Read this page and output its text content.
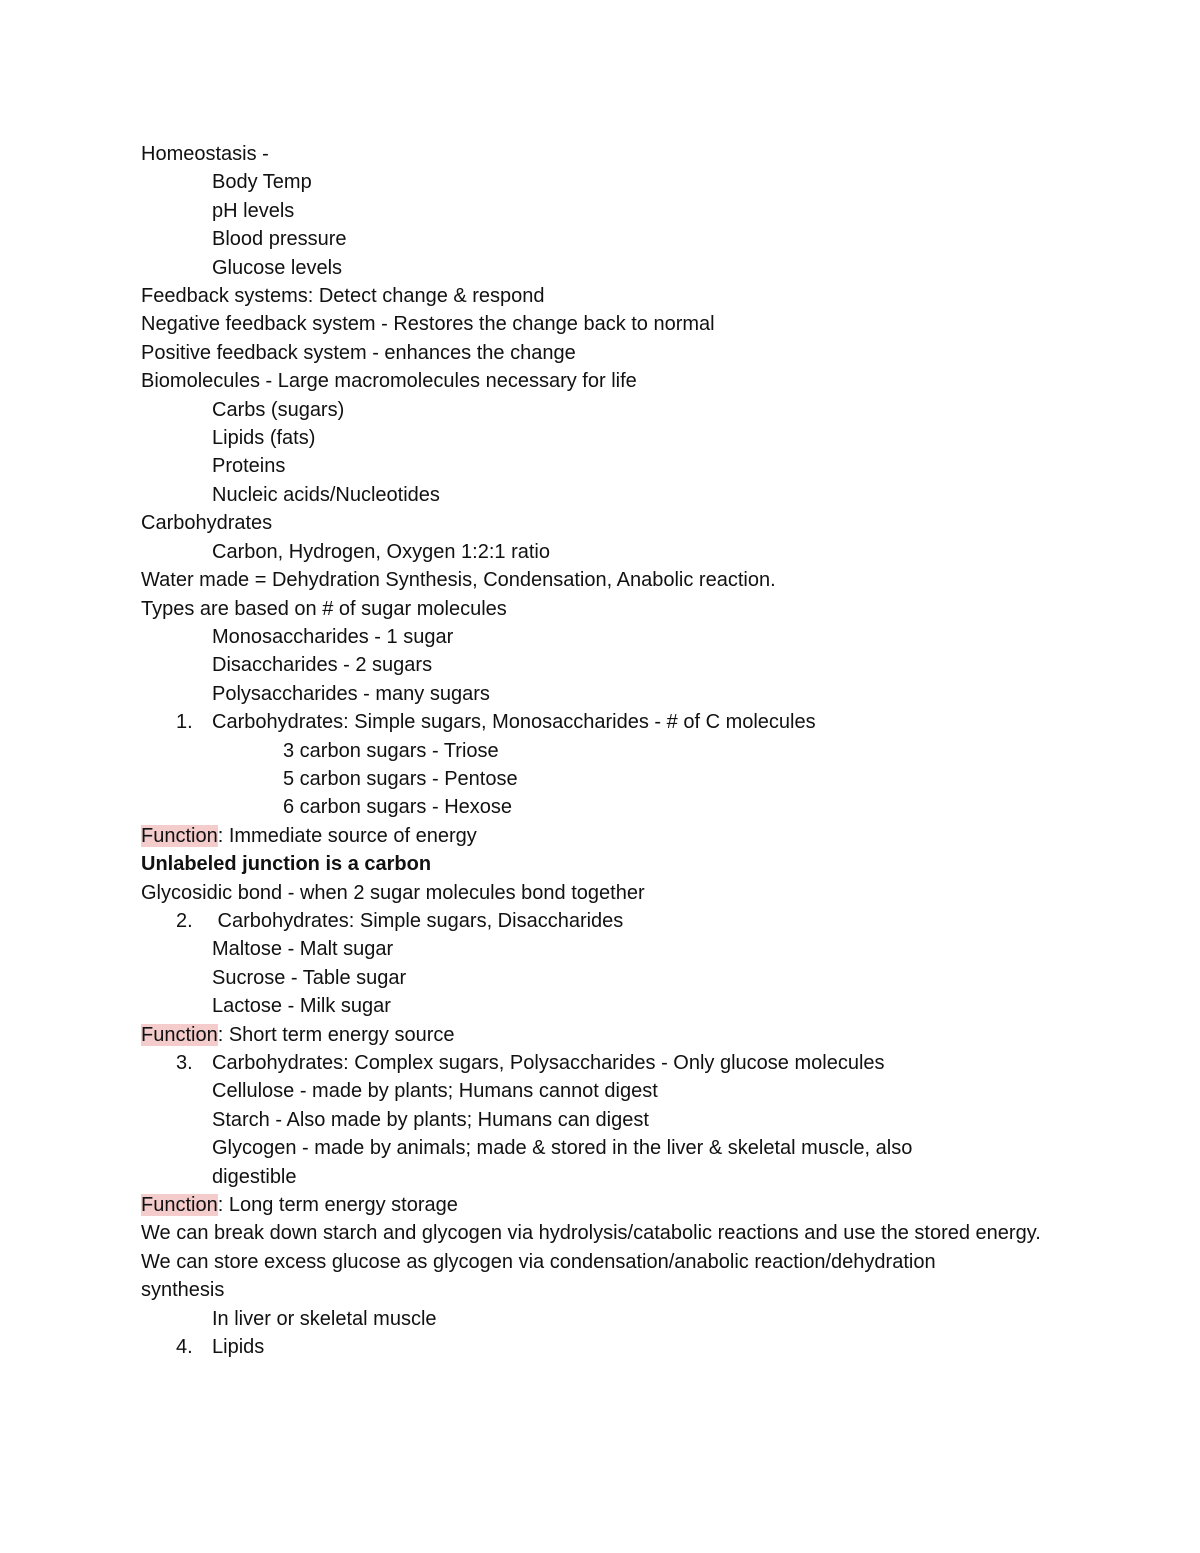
Homeostasis -
Body Temp
pH levels
Blood pressure
Glucose levels
Feedback systems: Detect change & respond
Negative feedback system - Restores the change back to normal
Positive feedback system - enhances the change
Biomolecules - Large macromolecules necessary for life
Carbs (sugars)
Lipids (fats)
Proteins
Nucleic acids/Nucleotides
Carbohydrates
Carbon, Hydrogen, Oxygen 1:2:1 ratio
Water made = Dehydration Synthesis, Condensation, Anabolic reaction.
Types are based on # of sugar molecules
Monosaccharides - 1 sugar
Disaccharides - 2 sugars
Polysaccharides - many sugars
1. Carbohydrates: Simple sugars, Monosaccharides - # of C molecules
3 carbon sugars - Triose
5 carbon sugars - Pentose
6 carbon sugars - Hexose
Function: Immediate source of energy
Unlabeled junction is a carbon
Glycosidic bond - when 2 sugar molecules bond together
2. Carbohydrates: Simple sugars, Disaccharides
Maltose - Malt sugar
Sucrose - Table sugar
Lactose - Milk sugar
Function: Short term energy source
3. Carbohydrates: Complex sugars, Polysaccharides - Only glucose molecules
Cellulose - made by plants; Humans cannot digest
Starch - Also made by plants; Humans can digest
Glycogen - made by animals; made & stored in the liver & skeletal muscle, also digestible
Function: Long term energy storage
We can break down starch and glycogen via hydrolysis/catabolic reactions and use the stored energy.
We can store excess glucose as glycogen via condensation/anabolic reaction/dehydration synthesis
In liver or skeletal muscle
4. Lipids
